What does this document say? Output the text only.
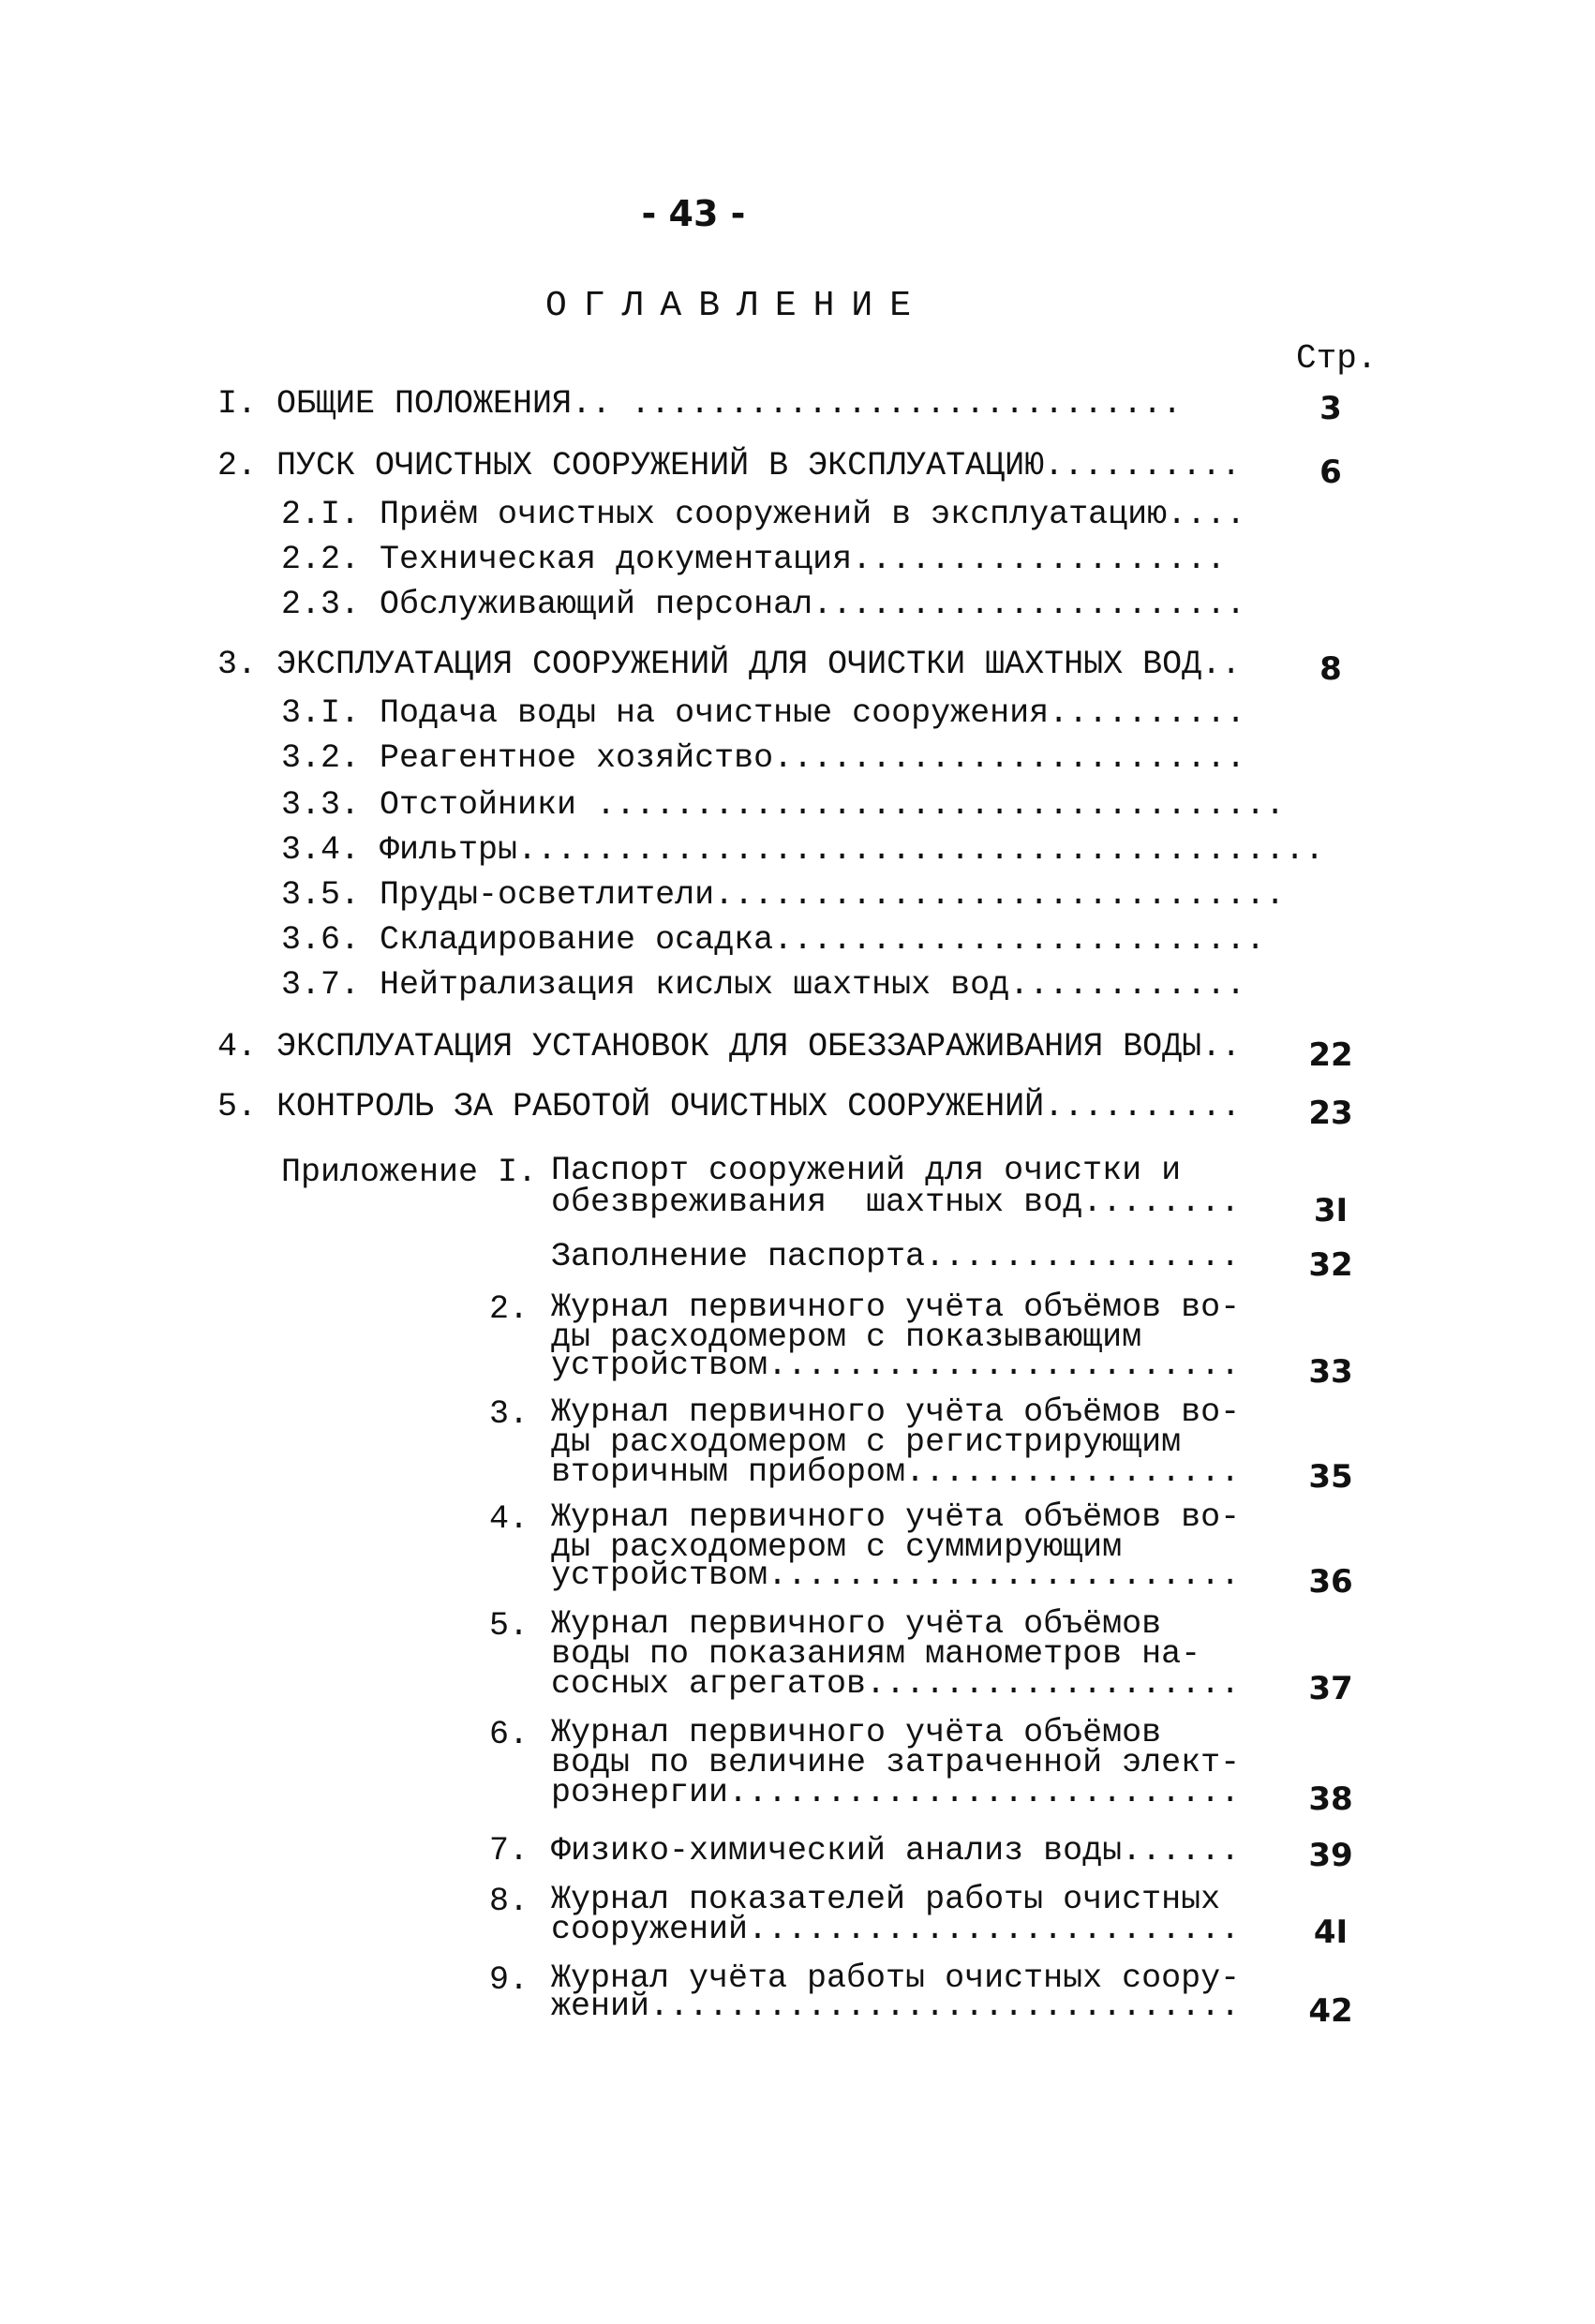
- 43 -
ОГЛАВЛЕНИЕ
Стр.
I. ОБЩИЕ ПОЛОЖЕНИЯ.. ............................	3
2. ПУСК ОЧИСТНЫХ СООРУЖЕНИЙ В ЭКСПЛУАТАЦИЮ..........	6
2.I. Приём очистных сооружений в эксплуатацию....
2.2. Техническая документация...................
2.3. Обслуживающий персонал......................
3. ЭКСПЛУАТАЦИЯ СООРУЖЕНИЙ ДЛЯ ОЧИСТКИ ШАХТНЫХ ВОД..	8
3.I. Подача воды на очистные сооружения..........
3.2. Реагентное хозяйство........................
3.3. Отстойники ...................................
3.4. Фильтры.........................................
3.5. Пруды-осветлители.............................
3.6. Складирование осадка.........................
3.7. Нейтрализация кислых шахтных вод............
4. ЭКСПЛУАТАЦИЯ УСТАНОВОК ДЛЯ ОБЕЗЗАРАЖИВАНИЯ ВОДЫ..	22
5. КОНТРОЛЬ ЗА РАБОТОЙ ОЧИСТНЫХ СООРУЖЕНИЙ..........	23
Приложение I. Паспорт сооружений для очистки и
обезвреживания  шахтных вод........	3I
Заполнение паспорта................	32
2. Журнал первичного учёта объёмов во-
ды расходомером с показывающим
устройством........................	33
3. Журнал первичного учёта объёмов во-
ды расходомером с регистрирующим
вторичным прибором.................	35
4. Журнал первичного учёта объёмов во-
ды расходомером с суммирующим
устройством........................	36
5. Журнал первичного учёта объёмов
воды по показаниям манометров на-
сосных агрегатов...................	37
6. Журнал первичного учёта объёмов
воды по величине затраченной элект-
роэнергии..........................	38
7. Физико-химический анализ воды......	39
8. Журнал показателей работы очистных
сооружений.........................	4I
9. Журнал учёта работы очистных соору-
жений..............................	42
